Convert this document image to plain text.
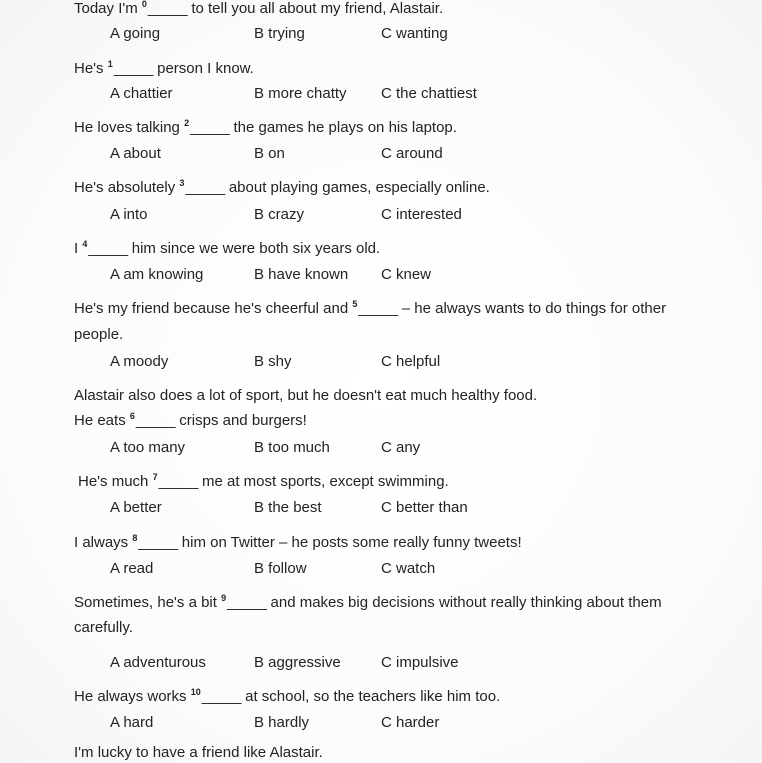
Today I'm $^0$_____ to tell you all about my friend, Alastair.
A going	B trying	C wanting
He's $^1$_____ person I know.
A chattier	B more chatty C the chattiest
He loves talking $^2$_____ the games he plays on his laptop.
A about	B on	C around
He's absolutely $^3$_____ about playing games, especially online.
A into	B crazy	C interested
I $^4$_____ him since we were both six years old.
A am knowing	B have known C knew
He's my friend because he's cheerful and $^5$_____ – he always wants to do things for other
people.
A moody	B shy	C helpful
Alastair also does a lot of sport, but he doesn't eat much healthy food.
He eats $^6$_____ crisps and burgers!
A too many	B too much	C any
He's much $^7$_____ me at most sports, except swimming.
A better	B the best	C better than
I always $^8$_____ him on Twitter – he posts some really funny tweets!
A read	B follow	C watch
Sometimes, he's a bit $^9$_____ and makes big decisions without really thinking about them
carefully.
A adventurous	B aggressive	C impulsive
He always works $^{10}$_____ at school, so the teachers like him too.
A hard	B hardly	C harder
I'm lucky to have a friend like Alastair.
